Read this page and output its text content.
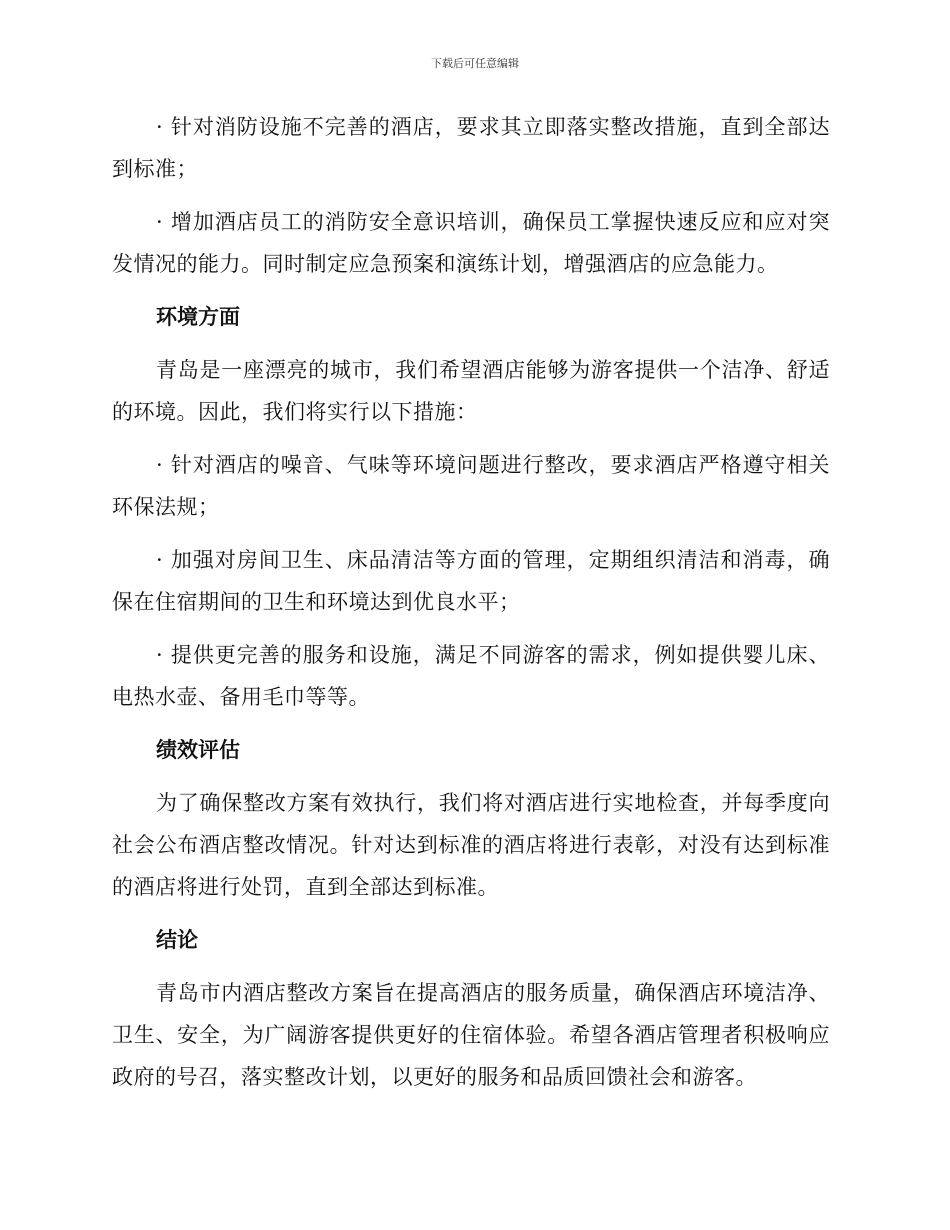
下载后可任意编辑

· 针对消防设施不完善的酒店，要求其立即落实整改措施，直到全部达到标准；

· 增加酒店员工的消防安全意识培训，确保员工掌握快速反应和应对突发情况的能力。同时制定应急预案和演练计划，增强酒店的应急能力。

环境方面

青岛是一座漂亮的城市，我们希望酒店能够为游客提供一个洁净、舒适的环境。因此，我们将实行以下措施：

· 针对酒店的噪音、气味等环境问题进行整改，要求酒店严格遵守相关环保法规；

· 加强对房间卫生、床品清洁等方面的管理，定期组织清洁和消毒，确保在住宿期间的卫生和环境达到优良水平；

· 提供更完善的服务和设施，满足不同游客的需求，例如提供婴儿床、电热水壶、备用毛巾等等。

绩效评估

为了确保整改方案有效执行，我们将对酒店进行实地检查，并每季度向社会公布酒店整改情况。针对达到标准的酒店将进行表彰，对没有达到标准的酒店将进行处罚，直到全部达到标准。

结论

青岛市内酒店整改方案旨在提高酒店的服务质量，确保酒店环境洁净、卫生、安全，为广阔游客提供更好的住宿体验。希望各酒店管理者积极响应政府的号召，落实整改计划，以更好的服务和品质回馈社会和游客。
